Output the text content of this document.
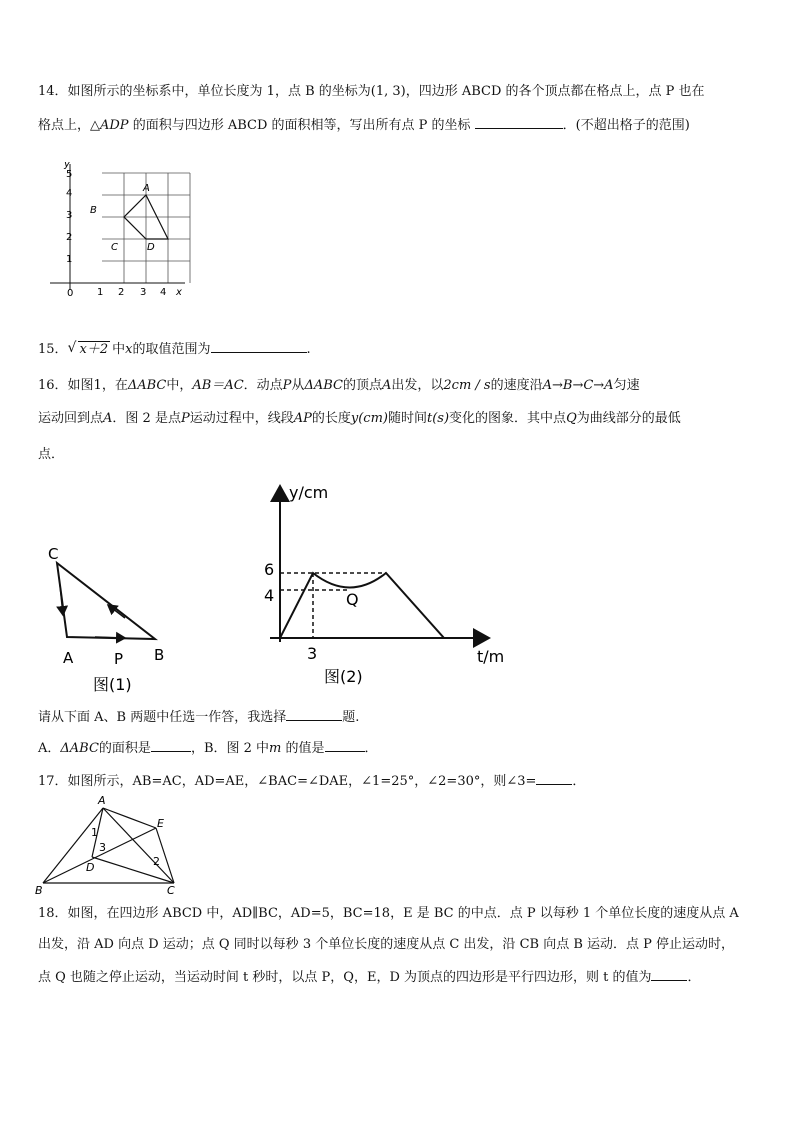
14．如图所示的坐标系中，单位长度为 1，点 B 的坐标为(1, 3)，四边形 ABCD 的各个顶点都在格点上，点 P 也在
格点上，△ADP 的面积与四边形 ABCD 的面积相等，写出所有点 P 的坐标	．(不超出格子的范围)
y
x
A
B
C	D
0 1 2 3 4
1
2
3
4
5
15． √ x＋2 中x的取值范围为	.
16．如图1，在ΔABC中，AB＝AC．动点P从ΔABC的顶点A出发，以2cm / s的速度沿A→B→C→A匀速
运动回到点A．图 2 是点P运动过程中，线段AP的长度y(cm)随时间t(s)变化的图象．其中点Q为曲线部分的最低
点．
C
A	P B
图(1)
y/cm
6
4
3
Q
t/m
图(2)
请从下面 A、B 两题中任选一作答，我选择	题.
A．ΔABC的面积是	，B．图 2 中m 的值是	．
17．如图所示，AB=AC，AD=AE，∠BAC=∠DAE，∠1=25°，∠2=30°，则∠3=	．
A
E
D
B	C
1
3
2
18．如图，在四边形 ABCD 中，AD∥BC，AD=5，BC=18，E 是 BC 的中点．点 P 以每秒 1 个单位长度的速度从点 A
出发，沿 AD 向点 D 运动；点 Q 同时以每秒 3 个单位长度的速度从点 C 出发，沿 CB 向点 B 运动．点 P 停止运动时，
点 Q 也随之停止运动，当运动时间 t 秒时，以点 P，Q，E，D 为顶点的四边形是平行四边形，则 t 的值为	．
